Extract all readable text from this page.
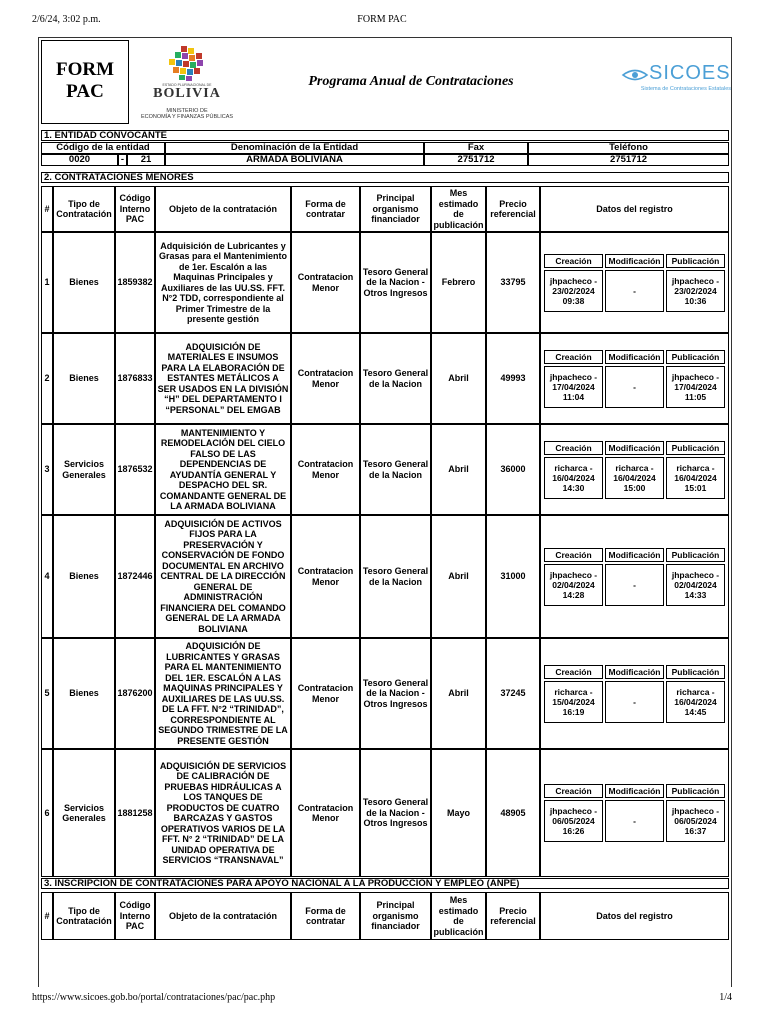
2/6/24, 3:02 p.m.	FORM PAC
FORM
PAC	ESTADO PLURINACIONAL DE
BOLIVIA
MINISTERIO DE
ECONOMÍA Y FINANZAS PÚBLICAS
Programa Anual de Contrataciones	SICOES
Sistema de Contrataciones Estatales
1. ENTIDAD CONVOCANTE
Código de la entidad			Denominación de la Entidad	Fax	Teléfono
0020	-	21	ARMADA BOLIVIANA	2751712	2751712
2. CONTRATACIONES MENORES
#	Tipo de Contratación	Código Interno PAC	Objeto de la contratación	Forma de contratar	Principal organismo financiador	Mes estimado de publicación	Precio referencial	Datos del registro
1	Bienes	1859382	Adquisición de Lubricantes y Grasas para el Mantenimiento de 1er. Escalón a las Maquinas Principales y Auxiliares de las UU.SS. FFT. N°2 TDD, correspondiente al Primer Trimestre de la presente gestión	Contratacion Menor	Tesoro General de la Nacion - Otros Ingresos	Febrero	33795	
Creación	Modificación	Publicación
jhpacheco - 23/02/2024 09:38	-	jhpacheco - 23/02/2024 10:36

2	Bienes	1876833	ADQUISICIÓN DE MATERIALES E INSUMOS PARA LA ELABORACIÓN DE ESTANTES METÁLICOS A SER USADOS EN LA DIVISIÓN “H” DEL DEPARTAMENTO I “PERSONAL” DEL EMGAB	Contratacion Menor	Tesoro General de la Nacion	Abril	49993	
Creación	Modificación	Publicación
jhpacheco - 17/04/2024 11:04	-	jhpacheco - 17/04/2024 11:05

3	Servicios Generales	1876532	MANTENIMIENTO Y REMODELACIÓN DEL CIELO FALSO DE LAS DEPENDENCIAS DE AYUDANTÍA GENERAL Y DESPACHO DEL SR. COMANDANTE GENERAL DE LA ARMADA BOLIVIANA	Contratacion Menor	Tesoro General de la Nacion	Abril	36000	
Creación	Modificación	Publicación
richarca - 16/04/2024 14:30	richarca - 16/04/2024 15:00	richarca - 16/04/2024 15:01

4	Bienes	1872446	ADQUISICIÓN DE ACTIVOS FIJOS PARA LA PRESERVACIÓN Y CONSERVACIÓN DE FONDO DOCUMENTAL EN ARCHIVO CENTRAL DE LA DIRECCIÓN GENERAL DE ADMINISTRACIÓN FINANCIERA DEL COMANDO GENERAL DE LA ARMADA BOLIVIANA	Contratacion Menor	Tesoro General de la Nacion	Abril	31000	
Creación	Modificación	Publicación
jhpacheco - 02/04/2024 14:28	-	jhpacheco - 02/04/2024 14:33

5	Bienes	1876200	ADQUISICIÓN DE LUBRICANTES Y GRASAS PARA EL MANTENIMIENTO DEL 1ER. ESCALÓN A LAS MAQUINAS PRINCIPALES Y AUXILIARES DE LAS UU.SS. DE LA FFT. N°2 “TRINIDAD”, CORRESPONDIENTE AL SEGUNDO TRIMESTRE DE LA PRESENTE GESTIÓN	Contratacion Menor	Tesoro General de la Nacion - Otros Ingresos	Abril	37245	
Creación	Modificación	Publicación
richarca - 15/04/2024 16:19	-	richarca - 16/04/2024 14:45

6	Servicios Generales	1881258	ADQUISICIÓN DE SERVICIOS DE CALIBRACIÓN DE PRUEBAS HIDRÁULICAS A LOS TANQUES DE PRODUCTOS DE CUATRO BARCAZAS Y GASTOS OPERATIVOS VARIOS DE LA FFT. N° 2 “TRINIDAD” DE LA UNIDAD OPERATIVA DE SERVICIOS “TRANSNAVAL”	Contratacion Menor	Tesoro General de la Nacion - Otros Ingresos	Mayo	48905	
Creación	Modificación	Publicación
jhpacheco - 06/05/2024 16:26	-	jhpacheco - 06/05/2024 16:37
3. INSCRIPCION DE CONTRATACIONES PARA APOYO NACIONAL A LA PRODUCCION Y EMPLEO (ANPE)
#	Tipo de Contratación	Código Interno PAC	Objeto de la contratación	Forma de contratar	Principal organismo financiador	Mes estimado de publicación	Precio referencial	Datos del registro
https://www.sicoes.gob.bo/portal/contrataciones/pac/pac.php	1/4
